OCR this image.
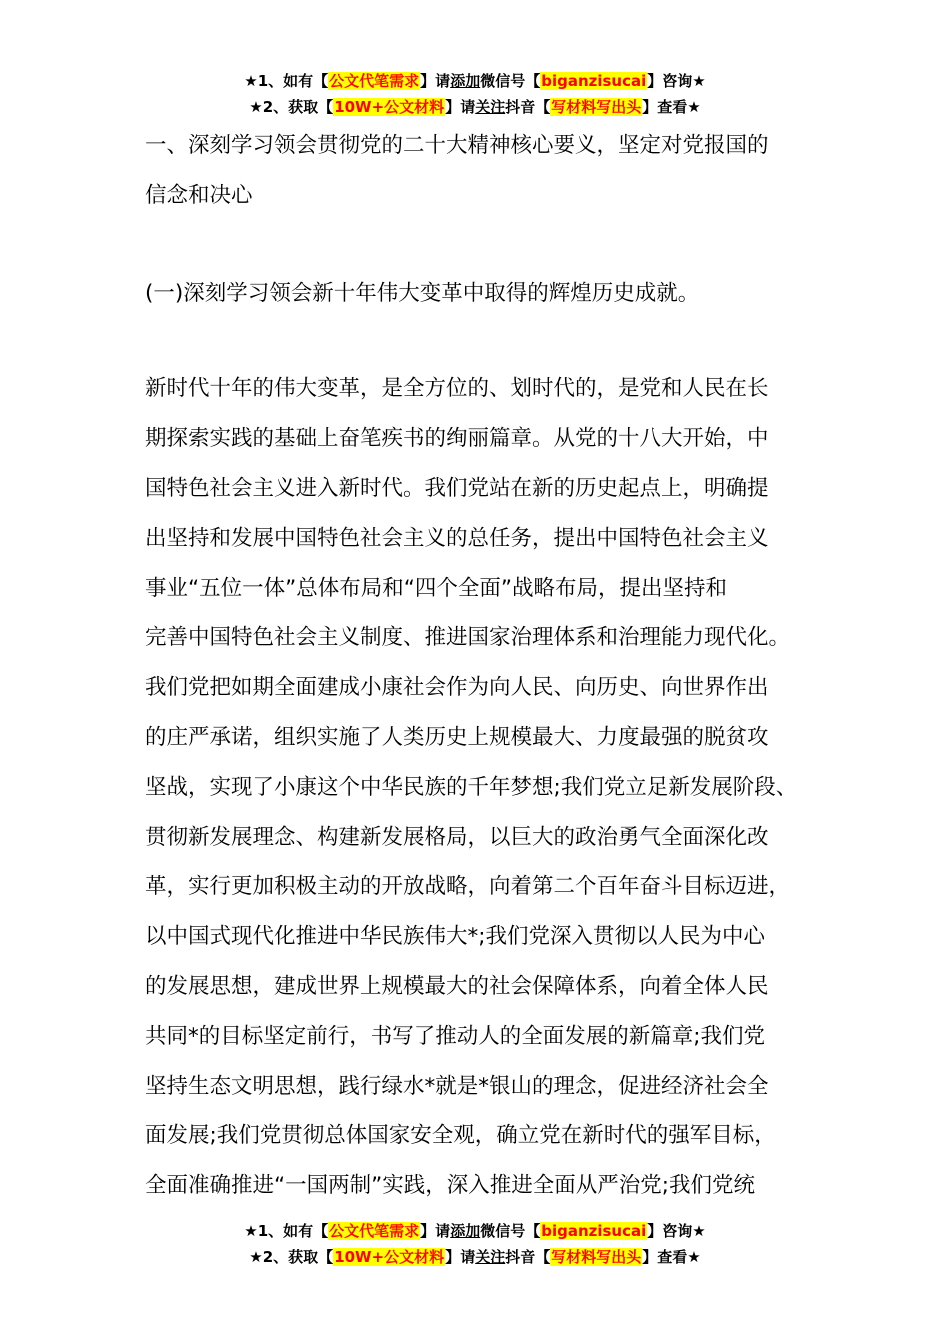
★1、如有【公文代笔需求】请添加微信号【biganzisucai】咨询★
★2、获取【10W+公文材料】请关注抖音【写材料写出头】查看★

一、深刻学习领会贯彻党的二十大精神核心要义，坚定对党报国的
信念和决心

(一)深刻学习领会新十年伟大变革中取得的辉煌历史成就。

新时代十年的伟大变革，是全方位的、划时代的，是党和人民在长
期探索实践的基础上奋笔疾书的绚丽篇章。从党的十八大开始，中
国特色社会主义进入新时代。我们党站在新的历史起点上，明确提
出坚持和发展中国特色社会主义的总任务，提出中国特色社会主义
事业“五位一体”总体布局和“四个全面”战略布局，提出坚持和
完善中国特色社会主义制度、推进国家治理体系和治理能力现代化。
我们党把如期全面建成小康社会作为向人民、向历史、向世界作出
的庄严承诺，组织实施了人类历史上规模最大、力度最强的脱贫攻
坚战，实现了小康这个中华民族的千年梦想;我们党立足新发展阶段、
贯彻新发展理念、构建新发展格局，以巨大的政治勇气全面深化改
革，实行更加积极主动的开放战略，向着第二个百年奋斗目标迈进，
以中国式现代化推进中华民族伟大*;我们党深入贯彻以人民为中心
的发展思想，建成世界上规模最大的社会保障体系，向着全体人民
共同*的目标坚定前行，书写了推动人的全面发展的新篇章;我们党
坚持生态文明思想，践行绿水*就是*银山的理念，促进经济社会全
面发展;我们党贯彻总体国家安全观，确立党在新时代的强军目标，
全面准确推进“一国两制”实践，深入推进全面从严治党;我们党统

★1、如有【公文代笔需求】请添加微信号【biganzisucai】咨询★
★2、获取【10W+公文材料】请关注抖音【写材料写出头】查看★
